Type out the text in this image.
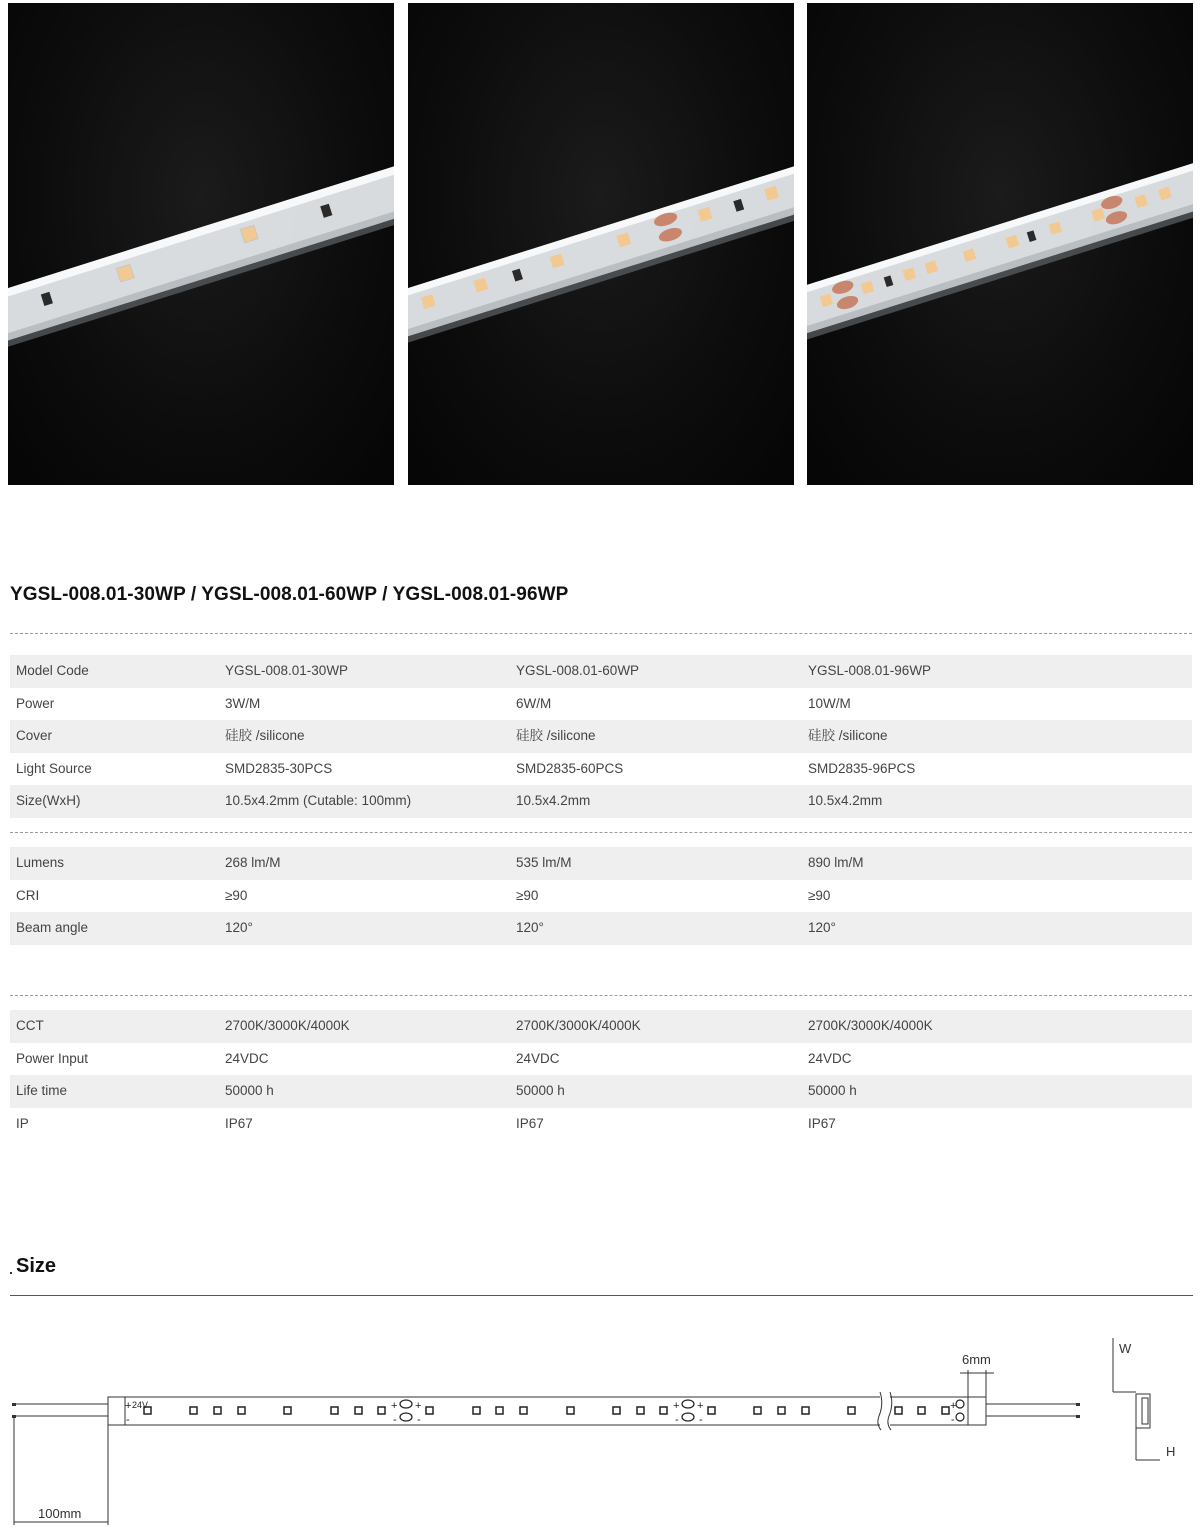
YGSL-008.01-30WP / YGSL-008.01-60WP / YGSL-008.01-96WP
Model Code	YGSL-008.01-30WP	YGSL-008.01-60WP	YGSL-008.01-96WP
Power	3W/M	6W/M	10W/M
Cover	硅胶 /silicone	硅胶 /silicone	硅胶 /silicone
Light Source	SMD2835-30PCS	SMD2835-60PCS	SMD2835-96PCS
Size(WxH)	10.5x4.2mm (Cutable: 100mm)	10.5x4.2mm	10.5x4.2mm
Lumens	268 lm/M	535 lm/M	890 lm/M
CRI	≥90	≥90	≥90
Beam angle	120°	120°	120°
CCT	2700K/3000K/4000K	2700K/3000K/4000K	2700K/3000K/4000K
Power Input	24VDC	24VDC	24VDC
Life time	50000 h	50000 h	50000 h
IP	IP67	IP67	IP67
Size
+ +
- -
+ +
- -
+
-
+
-
24V
100mm
6mm
W
H
